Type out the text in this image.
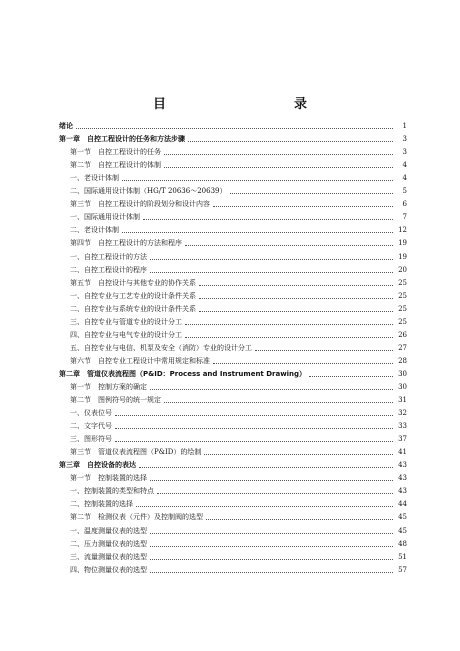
目　　录
绪论	1
第一章　自控工程设计的任务和方法步骤	3
第一节　自控工程设计的任务	3
第二节　自控工程设计的体制	4
一、老设计体制	4
二、国际通用设计体制（HG/T 20636～20639）	5
第三节　自控工程设计的阶段划分和设计内容	6
一、国际通用设计体制	7
二、老设计体制	12
第四节　自控工程设计的方法和程序	19
一、自控工程设计的方法	19
二、自控工程设计的程序	20
第五节　自控设计与其他专业的协作关系	25
一、自控专业与工艺专业的设计条件关系	25
二、自控专业与系统专业的设计条件关系	25
三、自控专业与管道专业的设计分工	25
四、自控专业与电气专业的设计分工	26
五、自控专业与电信、机泵及安全（消防）专业的设计分工	27
第六节　自控专业工程设计中常用规定和标准	28
第二章　管道仪表流程图（P&ID：Process and Instrument Drawing）	30
第一节　控制方案的确定	30
第二节　图例符号的统一规定	31
一、仪表位号	32
二、文字代号	33
三、图形符号	37
第三节　管道仪表流程图（P&ID）的绘制	41
第三章　自控设备的表达	43
第一节　控制装置的选择	43
一、控制装置的类型和特点	43
二、控制装置的选择	44
第二节　检测仪表（元件）及控制阀的选型	45
一、温度测量仪表的选型	45
二、压力测量仪表的选型	48
三、流量测量仪表的选型	51
四、物位测量仪表的选型	57
